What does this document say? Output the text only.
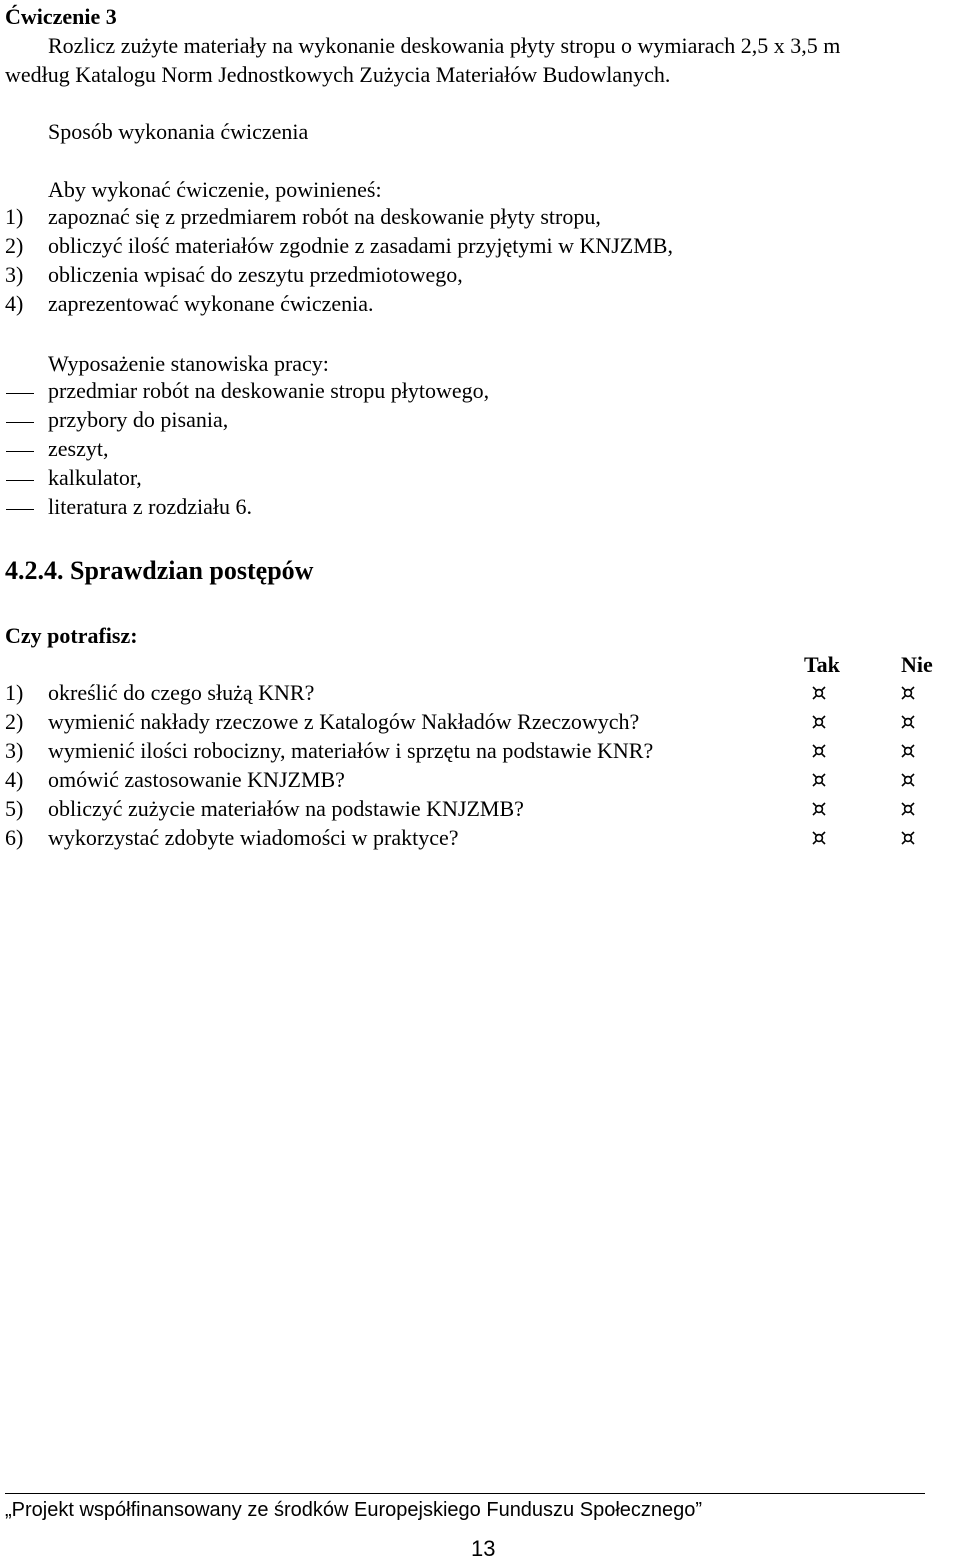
Ćwiczenie 3
Rozlicz zużyte materiały na wykonanie deskowania płyty stropu o wymiarach 2,5 x 3,5 m
według Katalogu Norm Jednostkowych Zużycia Materiałów Budowlanych.
Sposób wykonania ćwiczenia
Aby wykonać ćwiczenie, powinieneś:
1) zapoznać się z przedmiarem robót na deskowanie płyty stropu,
2) obliczyć ilość materiałów zgodnie z zasadami przyjętymi w KNJZMB,
3) obliczenia wpisać do zeszytu przedmiotowego,
4) zaprezentować wykonane ćwiczenia.
Wyposażenie stanowiska pracy:
przedmiar robót na deskowanie stropu płytowego,
przybory do pisania,
zeszyt,
kalkulator,
literatura z rozdziału 6.
4.2.4. Sprawdzian postępów
Czy potrafisz:
Tak	Nie
1) określić do czego służą KNR?
2) wymienić nakłady rzeczowe z Katalogów Nakładów Rzeczowych?
3) wymienić ilości robocizny, materiałów i sprzętu na podstawie KNR?
4) omówić zastosowanie KNJZMB?
5) obliczyć zużycie materiałów na podstawie KNJZMB?
6) wykorzystać zdobyte wiadomości w praktyce?
„Projekt współfinansowany ze środków Europejskiego Funduszu Społecznego”
13
